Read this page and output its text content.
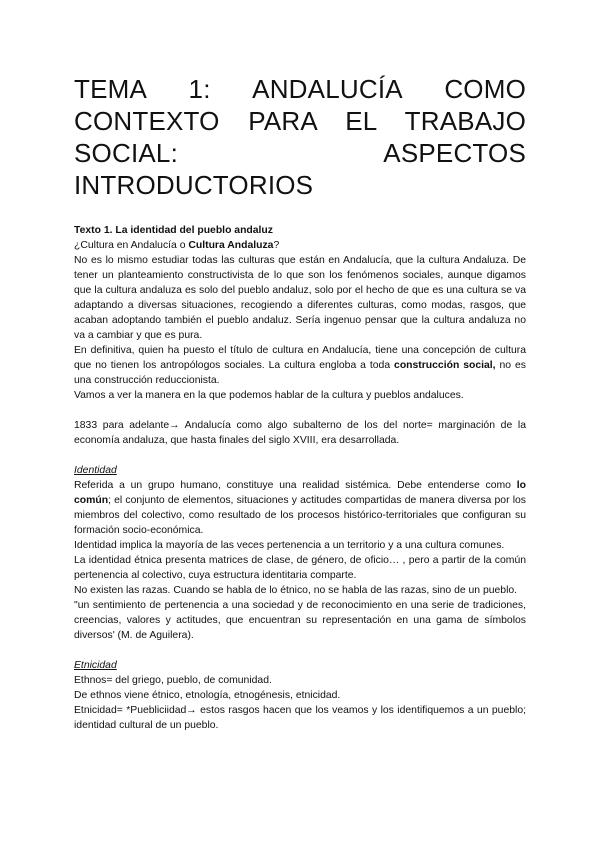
TEMA 1: ANDALUCÍA COMO
CONTEXTO PARA EL TRABAJO
SOCIAL: ASPECTOS
INTRODUCTORIOS

Texto 1. La identidad del pueblo andaluz

¿Cultura en Andalucía o Cultura Andaluza?

No es lo mismo estudiar todas las culturas que están en Andalucía, que la cultura Andaluza. De tener un planteamiento constructivista de lo que son los fenómenos sociales, aunque digamos que la cultura andaluza es solo del pueblo andaluz, solo por el hecho de que es una cultura se va adaptando a diversas situaciones, recogiendo a diferentes culturas, como modas, rasgos, que acaban adoptando también el pueblo andaluz. Sería ingenuo pensar que la cultura andaluza no va a cambiar y que es pura.

En definitiva, quien ha puesto el título de cultura en Andalucía, tiene una concepción de cultura que no tienen los antropólogos sociales. La cultura engloba a toda construcción social, no es una construcción reduccionista.

Vamos a ver la manera en la que podemos hablar de la cultura y pueblos andaluces.

1833 para adelante→ Andalucía como algo subalterno de los del norte= marginación de la economía andaluza, que hasta finales del siglo XVIII, era desarrollada.

Identidad

Referida a un grupo humano, constituye una realidad sistémica. Debe entenderse como lo común; el conjunto de elementos, situaciones y actitudes compartidas de manera diversa por los miembros del colectivo, como resultado de los procesos histórico-territoriales que configuran su formación socio-económica.

Identidad implica la mayoría de las veces pertenencia a un territorio y a una cultura comunes.

La identidad étnica presenta matrices de clase, de género, de oficio… , pero a partir de la común pertenencia al colectivo, cuya estructura identitaria comparte.

No existen las razas. Cuando se habla de lo étnico, no se habla de las razas, sino de un pueblo.

"un sentimiento de pertenencia a una sociedad y de reconocimiento en una serie de tradiciones, creencias, valores y actitudes, que encuentran su representación en una gama de símbolos diversos' (M. de Aguilera).

Etnicidad

Ethnos= del griego, pueblo, de comunidad.

De ethnos viene étnico, etnología, etnogénesis, etnicidad.

Etnicidad= *Puebliciidad→ estos rasgos hacen que los veamos y los identifiquemos a un pueblo; identidad cultural de un pueblo.
